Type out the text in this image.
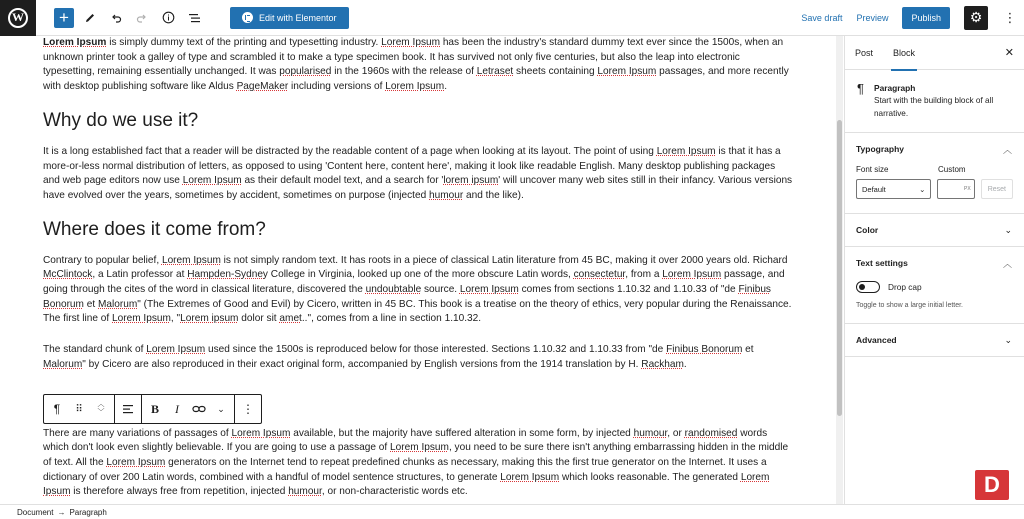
W +	Edit with Elementor	Save draft Preview	Publish	⚙ ⋮

Lorem Ipsum is simply dummy text of the printing and typesetting industry. Lorem Ipsum has been the industry's standard dummy text ever since the 1500s, when an unknown printer took a galley of type and scrambled it to make a type specimen book. It has survived not only five centuries, but also the leap into electronic typesetting, remaining essentially unchanged. It was popularised in the 1960s with the release of Letraset sheets containing Lorem Ipsum passages, and more recently with desktop publishing software like Aldus PageMaker including versions of Lorem Ipsum.

Why do we use it?

It is a long established fact that a reader will be distracted by the readable content of a page when looking at its layout. The point of using Lorem Ipsum is that it has a more-or-less normal distribution of letters, as opposed to using 'Content here, content here', making it look like readable English. Many desktop publishing packages and web page editors now use Lorem Ipsum as their default model text, and a search for 'lorem ipsum' will uncover many web sites still in their infancy. Various versions have evolved over the years, sometimes by accident, sometimes on purpose (injected humour and the like).

Where does it come from?

Contrary to popular belief, Lorem Ipsum is not simply random text. It has roots in a piece of classical Latin literature from 45 BC, making it over 2000 years old. Richard McClintock, a Latin professor at Hampden-Sydney College in Virginia, looked up one of the more obscure Latin words, consectetur, from a Lorem Ipsum passage, and going through the cites of the word in classical literature, discovered the undoubtable source. Lorem Ipsum comes from sections 1.10.32 and 1.10.33 of "de Finibus Bonorum et Malorum" (The Extremes of Good and Evil) by Cicero, written in 45 BC. This book is a treatise on the theory of ethics, very popular during the Renaissance. The first line of Lorem Ipsum, "Lorem ipsum dolor sit amet..", comes from a line in section 1.10.32.

The standard chunk of Lorem Ipsum used since the 1500s is reproduced below for those interested. Sections 1.10.32 and 1.10.33 from "de Finibus Bonorum et Malorum" by Cicero are also reproduced in their exact original form, accompanied by English versions from the 1914 translation by H. Rackham.

There are many variations of passages of Lorem Ipsum available, but the majority have suffered alteration in some form, by injected humour, or randomised words which don't look even slightly believable. If you are going to use a passage of Lorem Ipsum, you need to be sure there isn't anything embarrassing hidden in the middle of text. All the Lorem Ipsum generators on the Internet tend to repeat predefined chunks as necessary, making this the first true generator on the Internet. It uses a dictionary of over 200 Latin words, combined with a handful of model sentence structures, to generate Lorem Ipsum which looks reasonable. The generated Lorem Ipsum is therefore always free from repetition, injected humour, or non-characteristic words etc.

¶	⠿	︿
﹀	B	I	⌄	⋮
Post Block	✕
¶ Paragraph
Start with the building block of all narrative.
Typography	︿
Font size	Custom
Default	⌄	PX	Reset
Color	⌄
Text settings	︿
Drop cap
Toggle to show a large initial letter.
Advanced	⌄
D
Document → Paragraph
